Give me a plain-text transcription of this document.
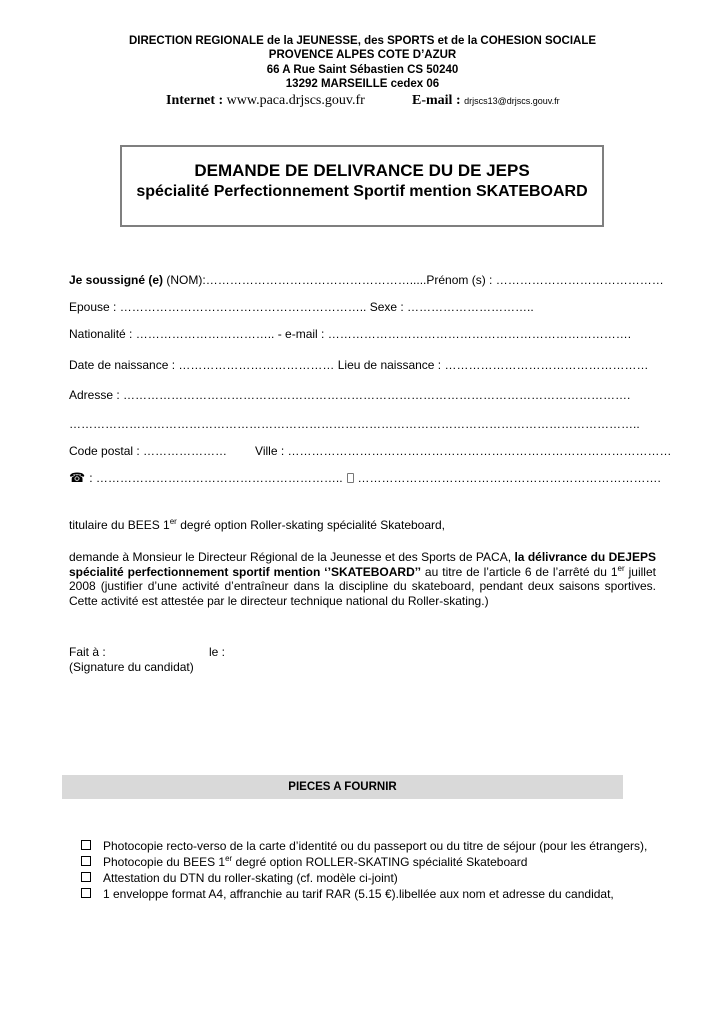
DIRECTION REGIONALE de la JEUNESSE, des SPORTS et de la COHESION SOCIALE
PROVENCE ALPES COTE D’AZUR
66 A Rue Saint Sébastien CS 50240
13292 MARSEILLE cedex 06
Internet : www.paca.drjscs.gouv.fr	E-mail : drjscs13@drjscs.gouv.fr
DEMANDE DE DELIVRANCE DU DE JEPS
spécialité Perfectionnement Sportif mention SKATEBOARD
Je soussigné (e) (NOM):…………………………………………….....Prénom (s) : ……………………………………
Epouse : …………………………………………………….. Sexe : …………………………..
Nationalité : …………………………….. - e-mail : ………………………………………………………………….
Date de naissance : ………………………………… Lieu de naissance : ……………………………………………
Adresse : ……………………………………………………………………………………………………………….
……………………………………………………………………………………………………………………………..
Code postal : ………………… Ville : ……………………………………………………………………………………
☎ : …………………………………………………….. ………………………………………………………………….
titulaire du BEES 1er degré option Roller-skating spécialité Skateboard,
demande à Monsieur le Directeur Régional de la Jeunesse et des Sports de PACA, la délivrance du DEJEPS spécialité perfectionnement sportif mention ‘’SKATEBOARD’’ au titre de l’article 6 de l’arrêté du 1er juillet 2008 (justifier d’une activité d’entraîneur dans la discipline du skateboard, pendant deux saisons sportives. Cette activité est attestée par le directeur technique national du Roller-skating.)
Fait à :	le :
(Signature du candidat)
PIECES A FOURNIR
Photocopie recto-verso de la carte d’identité ou du passeport ou du titre de séjour (pour les étrangers),
Photocopie du BEES 1er degré option ROLLER-SKATING spécialité Skateboard
Attestation du DTN du roller-skating (cf. modèle ci-joint)
1 enveloppe format A4, affranchie au tarif RAR (5.15 €).libellée aux nom et adresse du candidat,
